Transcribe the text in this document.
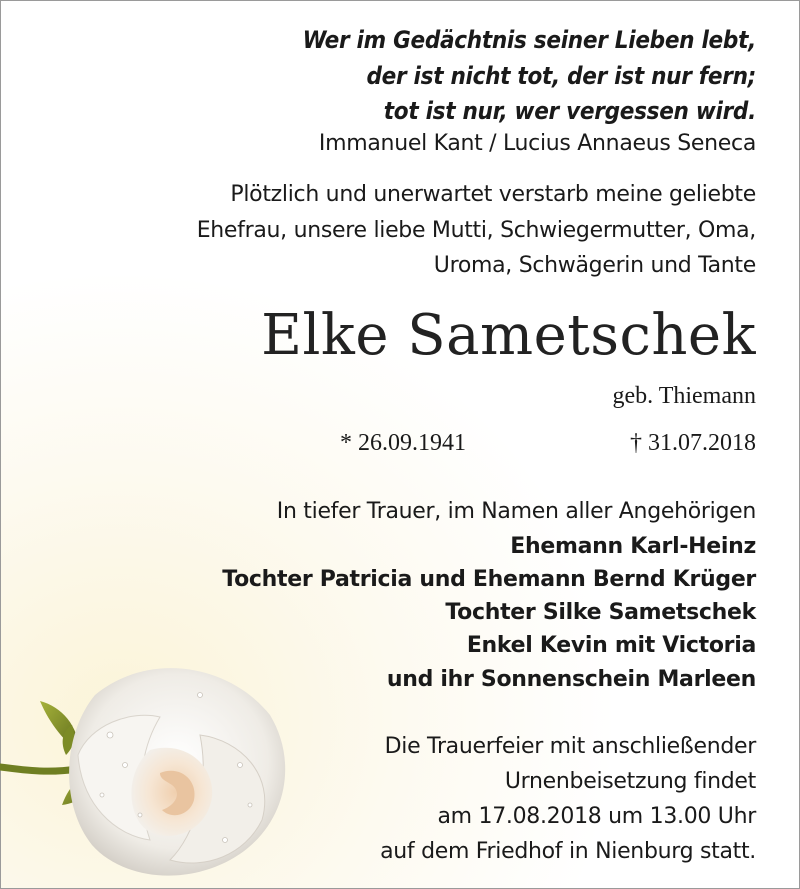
Wer im Gedächtnis seiner Lieben lebt,
der ist nicht tot, der ist nur fern;
tot ist nur, wer vergessen wird.
Immanuel Kant / Lucius Annaeus Seneca
Plötzlich und unerwartet verstarb meine geliebte
Ehefrau, unsere liebe Mutti, Schwiegermutter, Oma,
Uroma, Schwägerin und Tante
Elke Sametschek
geb. Thiemann
* 26.09.1941	† 31.07.2018
In tiefer Trauer, im Namen aller Angehörigen
Ehemann Karl-Heinz
Tochter Patricia und Ehemann Bernd Krüger
Tochter Silke Sametschek
Enkel Kevin mit Victoria
und ihr Sonnenschein Marleen
Die Trauerfeier mit anschließender
Urnenbeisetzung findet
am 17.08.2018 um 13.00 Uhr
auf dem Friedhof in Nienburg statt.
